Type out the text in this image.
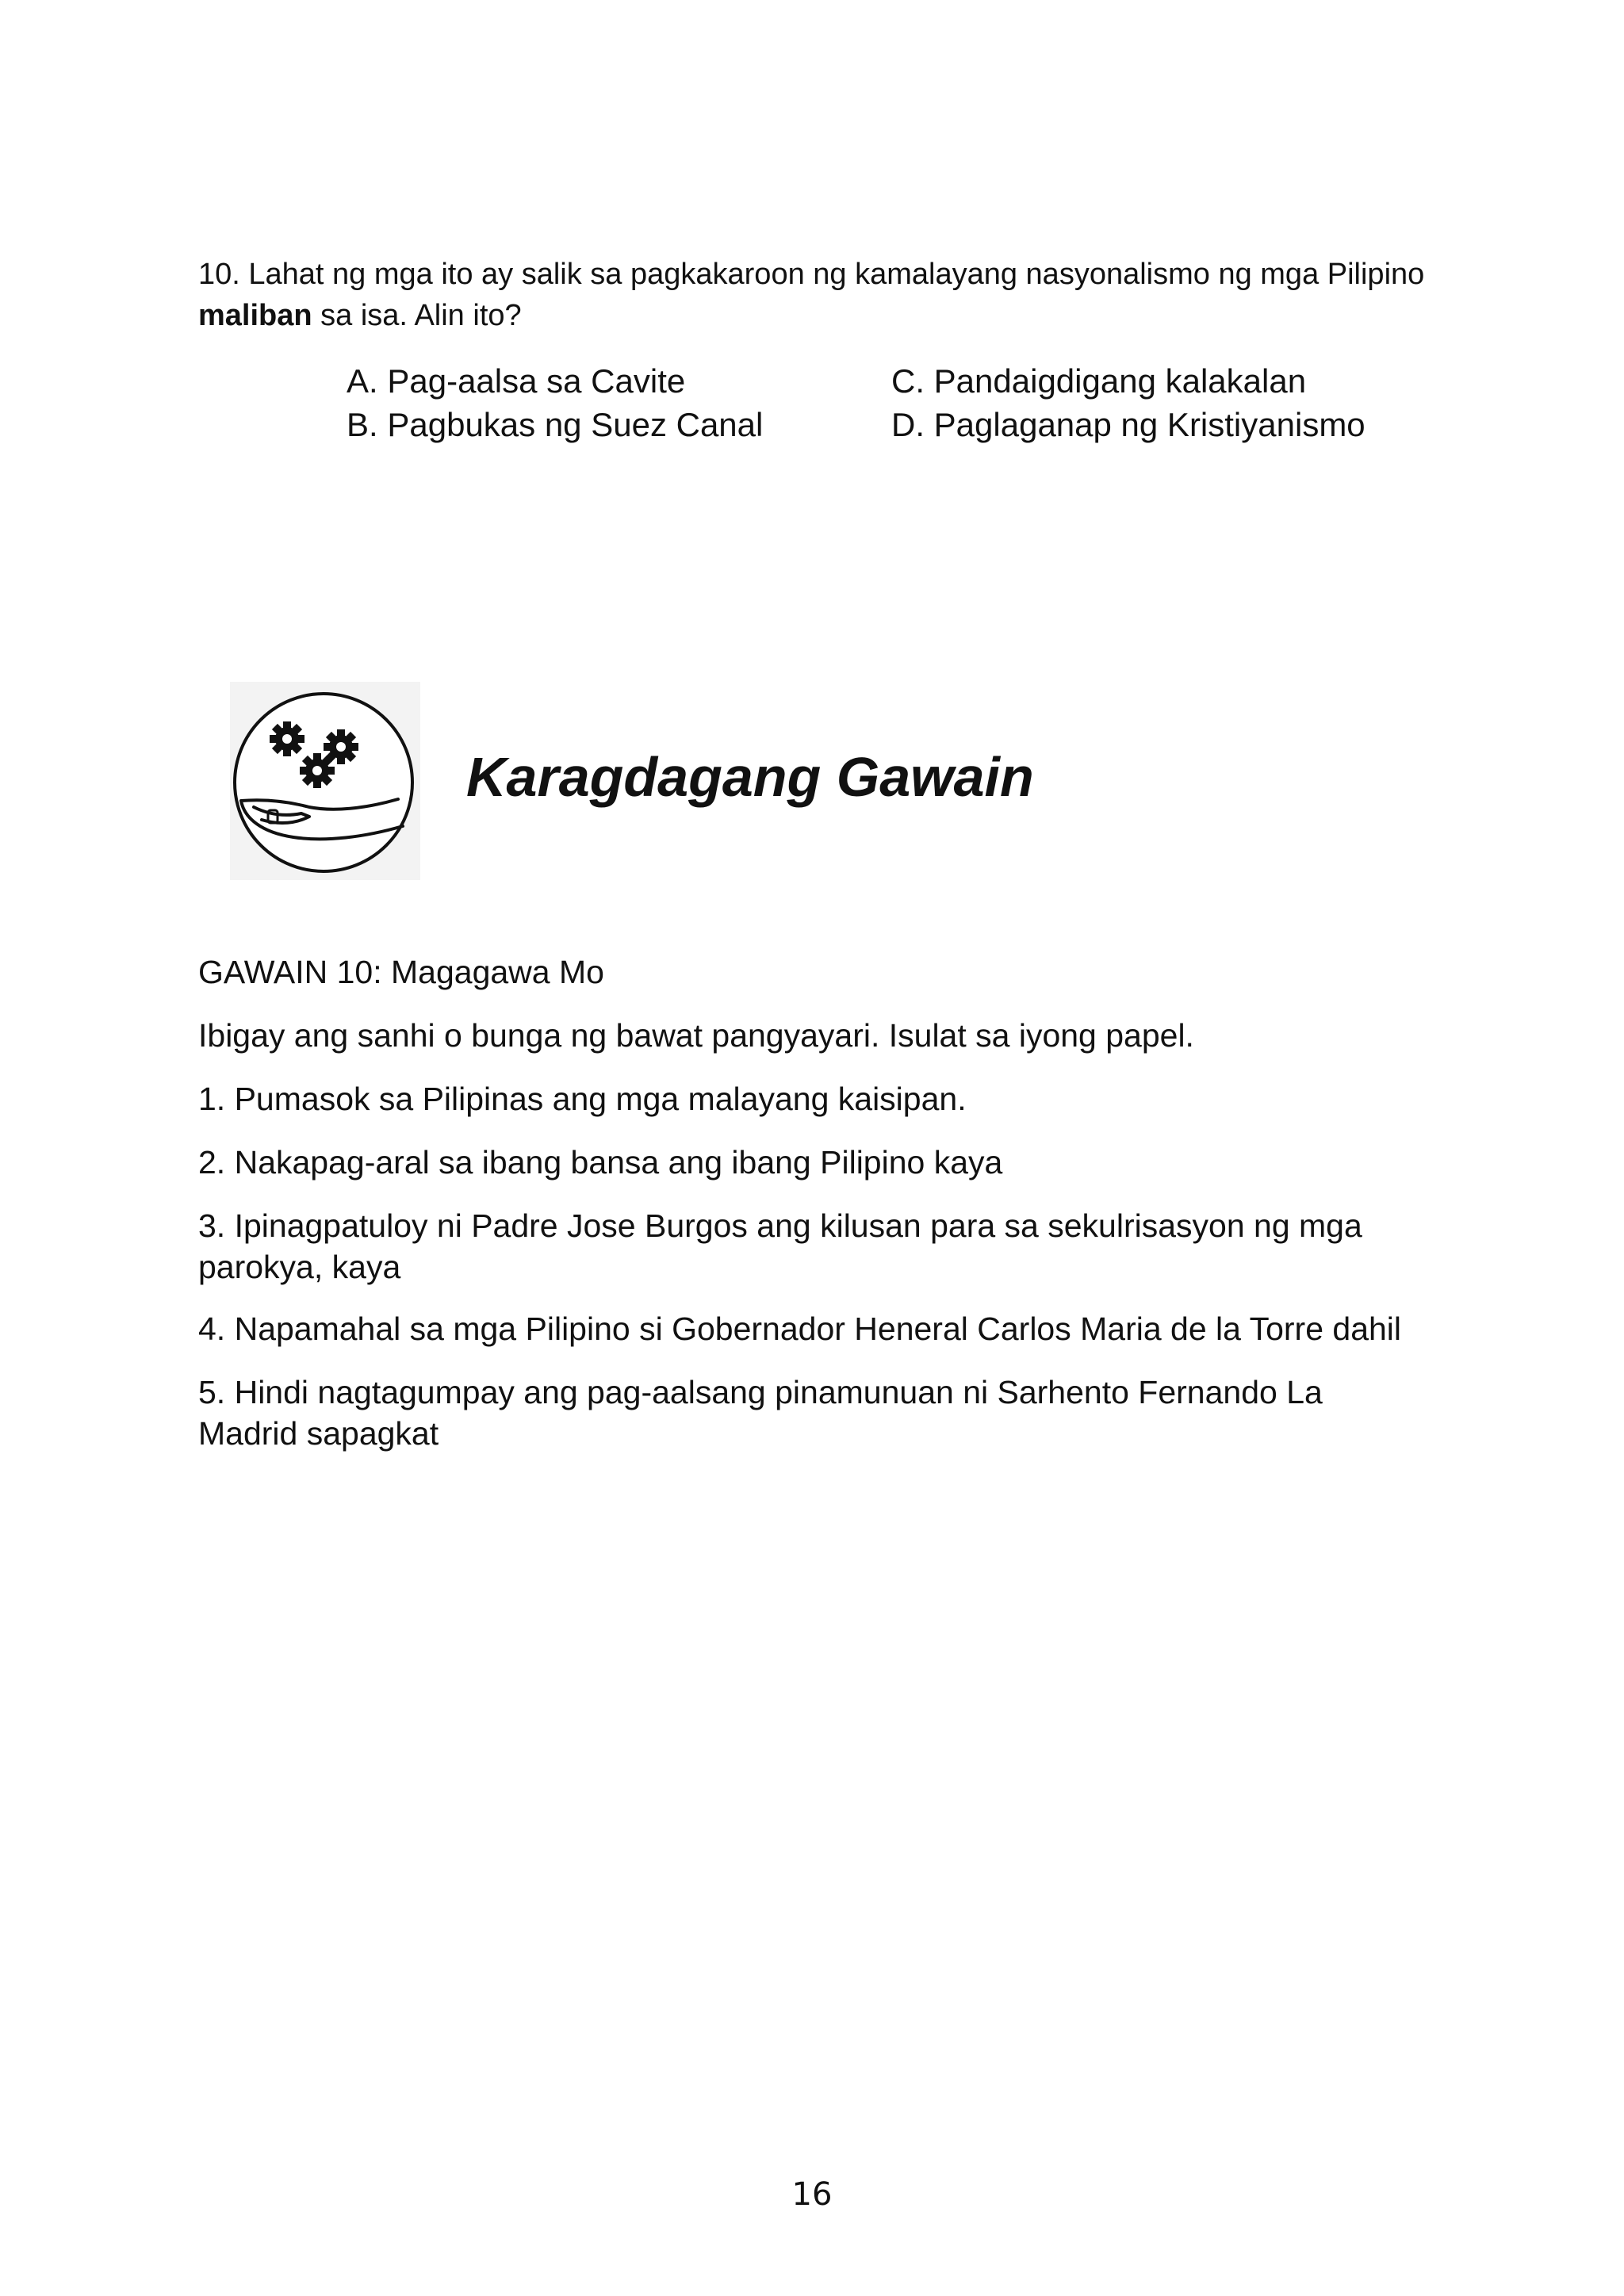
10. Lahat ng mga ito ay salik sa pagkakaroon ng kamalayang nasyonalismo ng mga Pilipino
maliban sa isa. Alin ito?
A. Pag-aalsa sa Cavite
B. Pagbukas ng Suez Canal
C. Pandaigdigang kalakalan
D. Paglaganap ng Kristiyanismo
Karagdagang Gawain
GAWAIN 10: Magagawa Mo
Ibigay ang sanhi o bunga ng bawat pangyayari. Isulat sa iyong papel.
1. Pumasok sa Pilipinas ang mga malayang kaisipan.
2. Nakapag-aral sa ibang bansa ang ibang Pilipino kaya
3. Ipinagpatuloy ni Padre Jose Burgos ang kilusan para sa sekulrisasyon ng mga parokya, kaya
4. Napamahal sa mga Pilipino si Gobernador Heneral Carlos Maria de la Torre dahil
5. Hindi nagtagumpay ang pag-aalsang pinamunuan ni Sarhento Fernando La Madrid sapagkat
16
